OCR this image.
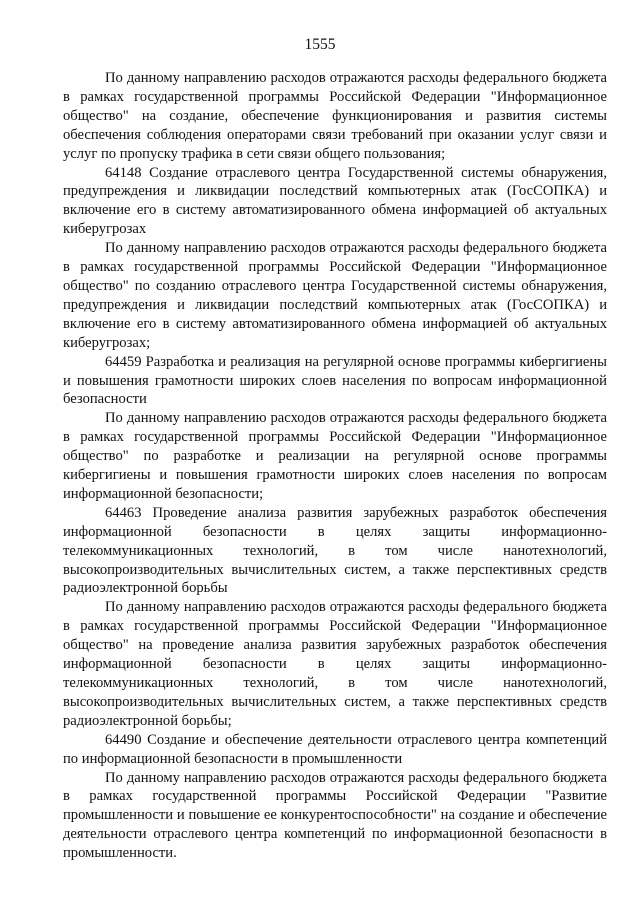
1555

По данному направлению расходов отражаются расходы федерального бюджета в рамках государственной программы Российской Федерации "Информационное общество" на создание, обеспечение функционирования и развития системы обеспечения соблюдения операторами связи требований при оказании услуг связи и услуг по пропуску трафика в сети связи общего пользования;

64148 Создание отраслевого центра Государственной системы обнаружения, предупреждения и ликвидации последствий компьютерных атак (ГосСОПКА) и включение его в систему автоматизированного обмена информацией об актуальных киберугрозах

По данному направлению расходов отражаются расходы федерального бюджета в рамках государственной программы Российской Федерации "Информационное общество" по созданию отраслевого центра Государственной системы обнаружения, предупреждения и ликвидации последствий компьютерных атак (ГосСОПКА) и включение его в систему автоматизированного обмена информацией об актуальных киберугрозах;

64459 Разработка и реализация на регулярной основе программы кибергигиены и повышения грамотности широких слоев населения по вопросам информационной безопасности

По данному направлению расходов отражаются расходы федерального бюджета в рамках государственной программы Российской Федерации "Информационное общество" по разработке и реализации на регулярной основе программы кибергигиены и повышения грамотности широких слоев населения по вопросам информационной безопасности;

64463 Проведение анализа развития зарубежных разработок обеспечения информационной безопасности в целях защиты информационно-телекоммуникационных технологий, в том числе нанотехнологий, высокопроизводительных вычислительных систем, а также перспективных средств радиоэлектронной борьбы

По данному направлению расходов отражаются расходы федерального бюджета в рамках государственной программы Российской Федерации "Информационное общество" на проведение анализа развития зарубежных разработок обеспечения информационной безопасности в целях защиты информационно-телекоммуникационных технологий, в том числе нанотехнологий, высокопроизводительных вычислительных систем, а также перспективных средств радиоэлектронной борьбы;

64490 Создание и обеспечение деятельности отраслевого центра компетенций по информационной безопасности в промышленности

По данному направлению расходов отражаются расходы федерального бюджета в рамках государственной программы Российской Федерации "Развитие промышленности и повышение ее конкурентоспособности" на создание и обеспечение деятельности отраслевого центра компетенций по информационной безопасности в промышленности.
